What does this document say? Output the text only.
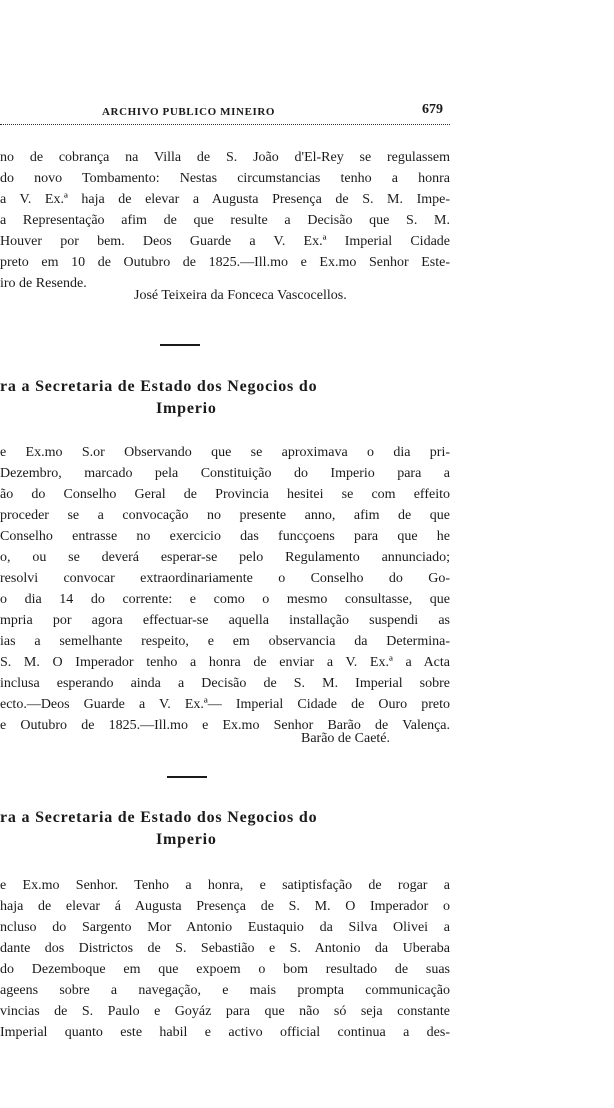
ARCHIVO PUBLICO MINEIRO	679
no de cobrança na Villa de S. João d'El-Rey se regulassem
do novo Tombamento: Nestas circumstancias tenho a honra
a V. Ex.ª haja de elevar a Augusta Presença de S. M. Impe-
a Representação afim de que resulte a Decisão que S. M.
Houver por bem. Deos Guarde a V. Ex.ª Imperial Cidade
preto em 10 de Outubro de 1825.—Ill.mo e Ex.mo Senhor Este-
iro de Resende.
José Teixeira da Fonceca Vascocellos.
ra a Secretaria de Estado dos Negocios do
Imperio
e Ex.mo S.or Observando que se aproximava o dia pri-
Dezembro, marcado pela Constituição do Imperio para a
ão do Conselho Geral de Provincia hesitei se com effeito
proceder se a convocação no presente anno, afim de que
Conselho entrasse no exercicio das funcçoens para que he
o, ou se deverá esperar-se pelo Regulamento annunciado;
resolvi convocar extraordinariamente o Conselho do Go-
o dia 14 do corrente: e como o mesmo consultasse, que
mpria por agora effectuar-se aquella installação suspendi as
ias a semelhante respeito, e em observancia da Determina-
S. M. O Imperador tenho a honra de enviar a V. Ex.ª a Acta
inclusa esperando ainda a Decisão de S. M. Imperial sobre
ecto.—Deos Guarde a V. Ex.ª— Imperial Cidade de Ouro preto
e Outubro de 1825.—Ill.mo e Ex.mo Senhor Barão de Valença.
Barão de Caeté.
ra a Secretaria de Estado dos Negocios do
Imperio
e Ex.mo Senhor. Tenho a honra, e satiptisfação de rogar a
haja de elevar á Augusta Presença de S. M. O Imperador o
ncluso do Sargento Mor Antonio Eustaquio da Silva Olivei a
dante dos Districtos de S. Sebastião e S. Antonio da Uberaba
do Dezemboque em que expoem o bom resultado de suas
ageens sobre a navegação, e mais prompta communicação
vincias de S. Paulo e Goyáz para que não só seja constante
Imperial quanto este habil e activo official continua a des-
